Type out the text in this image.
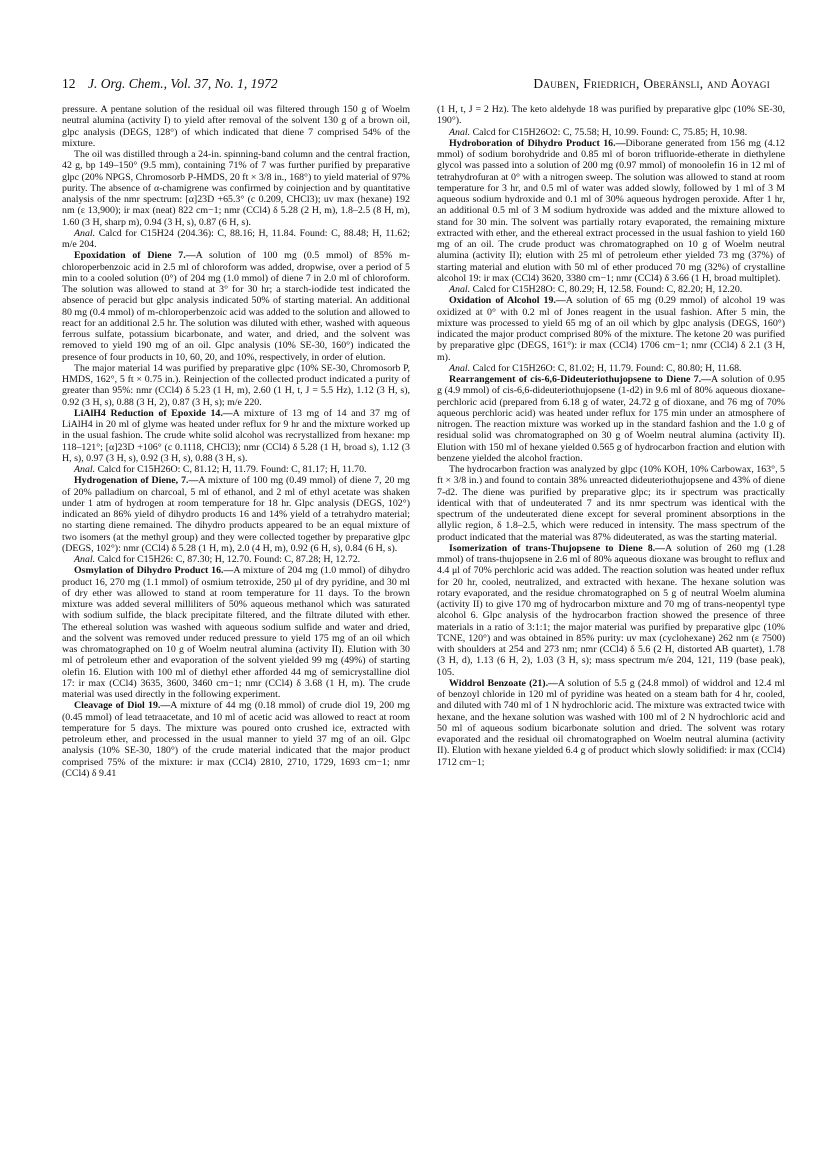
12 J. Org. Chem., Vol. 37, No. 1, 1972	Dauben, Friedrich, Oberänsli, and Aoyagi

pressure. A pentane solution of the residual oil was filtered through 150 g of Woelm neutral alumina (activity I) to yield after removal of the solvent 130 g of a brown oil, glpc analysis (DEGS, 128°) of which indicated that diene 7 comprised 54% of the mixture.

The oil was distilled through a 24-in. spinning-band column and the central fraction, 42 g, bp 149–150° (9.5 mm), containing 71% of 7 was further purified by preparative glpc (20% NPGS, Chromosorb P-HMDS, 20 ft × 3/8 in., 168°) to yield material of 97% purity. The absence of α-chamigrene was confirmed by coinjection and by quantitative analysis of the nmr spectrum: [α]23D +65.3° (c 0.209, CHCl3); uv max (hexane) 192 nm (ε 13,900); ir max (neat) 822 cm−1; nmr (CCl4) δ 5.28 (2 H, m), 1.8–2.5 (8 H, m), 1.60 (3 H, sharp m), 0.94 (3 H, s), 0.87 (6 H, s).

Anal. Calcd for C15H24 (204.36): C, 88.16; H, 11.84. Found: C, 88.48; H, 11.62; m/e 204.

Epoxidation of Diene 7.—A solution of 100 mg (0.5 mmol) of 85% m-chloroperbenzoic acid in 2.5 ml of chloroform was added, dropwise, over a period of 5 min to a cooled solution (0°) of 204 mg (1.0 mmol) of diene 7 in 2.0 ml of chloroform. The solution was allowed to stand at 3° for 30 hr; a starch-iodide test indicated the absence of peracid but glpc analysis indicated 50% of starting material. An additional 80 mg (0.4 mmol) of m-chloroperbenzoic acid was added to the solution and allowed to react for an additional 2.5 hr. The solution was diluted with ether, washed with aqueous ferrous sulfate, potassium bicarbonate, and water, and dried, and the solvent was removed to yield 190 mg of an oil. Glpc analysis (10% SE-30, 160°) indicated the presence of four products in 10, 60, 20, and 10%, respectively, in order of elution.

The major material 14 was purified by preparative glpc (10% SE-30, Chromosorb P, HMDS, 162°, 5 ft × 0.75 in.). Reinjection of the collected product indicated a purity of greater than 95%: nmr (CCl4) δ 5.23 (1 H, m), 2.60 (1 H, t, J = 5.5 Hz), 1.12 (3 H, s), 0.92 (3 H, s), 0.88 (3 H, 2), 0.87 (3 H, s); m/e 220.

LiAlH4 Reduction of Epoxide 14.—A mixture of 13 mg of 14 and 37 mg of LiAlH4 in 20 ml of glyme was heated under reflux for 9 hr and the mixture worked up in the usual fashion. The crude white solid alcohol was recrystallized from hexane: mp 118–121°; [α]23D +106° (c 0.1118, CHCl3); nmr (CCl4) δ 5.28 (1 H, broad s), 1.12 (3 H, s), 0.97 (3 H, s), 0.92 (3 H, s), 0.88 (3 H, s).

Anal. Calcd for C15H26O: C, 81.12; H, 11.79. Found: C, 81.17; H, 11.70.

Hydrogenation of Diene, 7.—A mixture of 100 mg (0.49 mmol) of diene 7, 20 mg of 20% palladium on charcoal, 5 ml of ethanol, and 2 ml of ethyl acetate was shaken under 1 atm of hydrogen at room temperature for 18 hr. Glpc analysis (DEGS, 102°) indicated an 86% yield of dihydro products 16 and 14% yield of a tetrahydro material; no starting diene remained. The dihydro products appeared to be an equal mixture of two isomers (at the methyl group) and they were collected together by preparative glpc (DEGS, 102°): nmr (CCl4) δ 5.28 (1 H, m), 2.0 (4 H, m), 0.92 (6 H, s), 0.84 (6 H, s).

Anal. Calcd for C15H26: C, 87.30; H, 12.70. Found: C, 87.28; H, 12.72.

Osmylation of Dihydro Product 16.—A mixture of 204 mg (1.0 mmol) of dihydro product 16, 270 mg (1.1 mmol) of osmium tetroxide, 250 μl of dry pyridine, and 30 ml of dry ether was allowed to stand at room temperature for 11 days. To the brown mixture was added several milliliters of 50% aqueous methanol which was saturated with sodium sulfide, the black precipitate filtered, and the filtrate diluted with ether. The ethereal solution was washed with aqueous sodium sulfide and water and dried, and the solvent was removed under reduced pressure to yield 175 mg of an oil which was chromatographed on 10 g of Woelm neutral alumina (activity II). Elution with 30 ml of petroleum ether and evaporation of the solvent yielded 99 mg (49%) of starting olefin 16. Elution with 100 ml of diethyl ether afforded 44 mg of semicrystalline diol 17: ir max (CCl4) 3635, 3600, 3460 cm−1; nmr (CCl4) δ 3.68 (1 H, m). The crude material was used directly in the following experiment.

Cleavage of Diol 19.—A mixture of 44 mg (0.18 mmol) of crude diol 19, 200 mg (0.45 mmol) of lead tetraacetate, and 10 ml of acetic acid was allowed to react at room temperature for 5 days. The mixture was poured onto crushed ice, extracted with petroleum ether, and processed in the usual manner to yield 37 mg of an oil. Glpc analysis (10% SE-30, 180°) of the crude material indicated that the major product comprised 75% of the mixture: ir max (CCl4) 2810, 2710, 1729, 1693 cm−1; nmr (CCl4) δ 9.41

(1 H, t, J = 2 Hz). The keto aldehyde 18 was purified by preparative glpc (10% SE-30, 190°).

Anal. Calcd for C15H26O2: C, 75.58; H, 10.99. Found: C, 75.85; H, 10.98.

Hydroboration of Dihydro Product 16.—Diborane generated from 156 mg (4.12 mmol) of sodium borohydride and 0.85 ml of boron trifluoride-etherate in diethylene glycol was passed into a solution of 200 mg (0.97 mmol) of monoolefin 16 in 12 ml of tetrahydrofuran at 0° with a nitrogen sweep. The solution was allowed to stand at room temperature for 3 hr, and 0.5 ml of water was added slowly, followed by 1 ml of 3 M aqueous sodium hydroxide and 0.1 ml of 30% aqueous hydrogen peroxide. After 1 hr, an additional 0.5 ml of 3 M sodium hydroxide was added and the mixture allowed to stand for 30 min. The solvent was partially rotary evaporated, the remaining mixture extracted with ether, and the ethereal extract processed in the usual fashion to yield 160 mg of an oil. The crude product was chromatographed on 10 g of Woelm neutral alumina (activity II); elution with 25 ml of petroleum ether yielded 73 mg (37%) of starting material and elution with 50 ml of ether produced 70 mg (32%) of crystalline alcohol 19: ir max (CCl4) 3620, 3380 cm−1; nmr (CCl4) δ 3.66 (1 H, broad multiplet).

Anal. Calcd for C15H28O: C, 80.29; H, 12.58. Found: C, 82.20; H, 12.20.

Oxidation of Alcohol 19.—A solution of 65 mg (0.29 mmol) of alcohol 19 was oxidized at 0° with 0.2 ml of Jones reagent in the usual fashion. After 5 min, the mixture was processed to yield 65 mg of an oil which by glpc analysis (DEGS, 160°) indicated the major product comprised 80% of the mixture. The ketone 20 was purified by preparative glpc (DEGS, 161°): ir max (CCl4) 1706 cm−1; nmr (CCl4) δ 2.1 (3 H, m).

Anal. Calcd for C15H26O: C, 81.02; H, 11.79. Found: C, 80.80; H, 11.68.

Rearrangement of cis-6,6-Dideuteriothujopsene to Diene 7.—A solution of 0.95 g (4.9 mmol) of cis-6,6-dideuteriothujopsene (1-d2) in 9.6 ml of 80% aqueous dioxane-perchloric acid (prepared from 6.18 g of water, 24.72 g of dioxane, and 76 mg of 70% aqueous perchloric acid) was heated under reflux for 175 min under an atmosphere of nitrogen. The reaction mixture was worked up in the standard fashion and the 1.0 g of residual solid was chromatographed on 30 g of Woelm neutral alumina (activity II). Elution with 150 ml of hexane yielded 0.565 g of hydrocarbon fraction and elution with benzene yielded the alcohol fraction.

The hydrocarbon fraction was analyzed by glpc (10% KOH, 10% Carbowax, 163°, 5 ft × 3/8 in.) and found to contain 38% unreacted dideuteriothujopsene and 43% of diene 7-d2. The diene was purified by preparative glpc; its ir spectrum was practically identical with that of undeuterated 7 and its nmr spectrum was identical with the spectrum of the undeuterated diene except for several prominent absorptions in the allylic region, δ 1.8–2.5, which were reduced in intensity. The mass spectrum of the product indicated that the material was 87% dideuterated, as was the starting material.

Isomerization of trans-Thujopsene to Diene 8.—A solution of 260 mg (1.28 mmol) of trans-thujopsene in 2.6 ml of 80% aqueous dioxane was brought to reflux and 4.4 μl of 70% perchloric acid was added. The reaction solution was heated under reflux for 20 hr, cooled, neutralized, and extracted with hexane. The hexane solution was rotary evaporated, and the residue chromatographed on 5 g of neutral Woelm alumina (activity II) to give 170 mg of hydrocarbon mixture and 70 mg of trans-neopentyl type alcohol 6. Glpc analysis of the hydrocarbon fraction showed the presence of three materials in a ratio of 3:1:1; the major material was purified by preparative glpc (10% TCNE, 120°) and was obtained in 85% purity: uv max (cyclohexane) 262 nm (ε 7500) with shoulders at 254 and 273 nm; nmr (CCl4) δ 5.6 (2 H, distorted AB quartet), 1.78 (3 H, d), 1.13 (6 H, 2), 1.03 (3 H, s); mass spectrum m/e 204, 121, 119 (base peak), 105.

Widdrol Benzoate (21).—A solution of 5.5 g (24.8 mmol) of widdrol and 12.4 ml of benzoyl chloride in 120 ml of pyridine was heated on a steam bath for 4 hr, cooled, and diluted with 740 ml of 1 N hydrochloric acid. The mixture was extracted twice with hexane, and the hexane solution was washed with 100 ml of 2 N hydrochloric acid and 50 ml of aqueous sodium bicarbonate solution and dried. The solvent was rotary evaporated and the residual oil chromatographed on Woelm neutral alumina (activity II). Elution with hexane yielded 6.4 g of product which slowly solidified: ir max (CCl4) 1712 cm−1;
